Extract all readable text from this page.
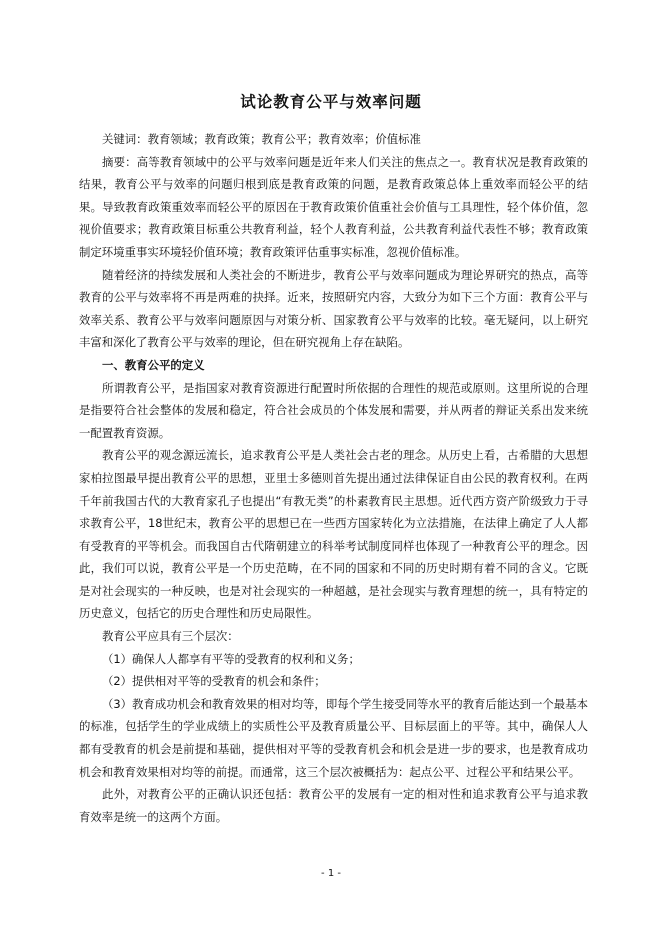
试论教育公平与效率问题

关键词：教育领域；教育政策；教育公平；教育效率；价值标准

摘要：高等教育领域中的公平与效率问题是近年来人们关注的焦点之一。教育状况是教育政策的结果，教育公平与效率的问题归根到底是教育政策的问题，是教育政策总体上重效率而轻公平的结果。导致教育政策重效率而轻公平的原因在于教育政策价值重社会价值与工具理性，轻个体价值，忽视价值要求；教育政策目标重公共教育利益，轻个人教育利益，公共教育利益代表性不够；教育政策制定环境重事实环境轻价值环境；教育政策评估重事实标准，忽视价值标准。

随着经济的持续发展和人类社会的不断进步，教育公平与效率问题成为理论界研究的热点，高等教育的公平与效率将不再是两难的抉择。近来，按照研究内容，大致分为如下三个方面：教育公平与效率关系、教育公平与效率问题原因与对策分析、国家教育公平与效率的比较。毫无疑问，以上研究丰富和深化了教育公平与效率的理论，但在研究视角上存在缺陷。

一、教育公平的定义

所谓教育公平，是指国家对教育资源进行配置时所依据的合理性的规范或原则。这里所说的合理是指要符合社会整体的发展和稳定，符合社会成员的个体发展和需要，并从两者的辩证关系出发来统一配置教育资源。

教育公平的观念源远流长，追求教育公平是人类社会古老的理念。从历史上看，古希腊的大思想家柏拉图最早提出教育公平的思想，亚里士多德则首先提出通过法律保证自由公民的教育权利。在两千年前我国古代的大教育家孔子也提出“有教无类”的朴素教育民主思想。近代西方资产阶级致力于寻求教育公平，18世纪末，教育公平的思想已在一些西方国家转化为立法措施，在法律上确定了人人都有受教育的平等机会。而我国自古代隋朝建立的科举考试制度同样也体现了一种教育公平的理念。因此，我们可以说，教育公平是一个历史范畴，在不同的国家和不同的历史时期有着不同的含义。它既是对社会现实的一种反映，也是对社会现实的一种超越，是社会现实与教育理想的统一，具有特定的历史意义，包括它的历史合理性和历史局限性。

教育公平应具有三个层次：

（1）确保人人都享有平等的受教育的权利和义务；

（2）提供相对平等的受教育的机会和条件；

（3）教育成功机会和教育效果的相对均等，即每个学生接受同等水平的教育后能达到一个最基本的标准，包括学生的学业成绩上的实质性公平及教育质量公平、目标层面上的平等。其中，确保人人都有受教育的机会是前提和基础，提供相对平等的受教育机会和机会是进一步的要求，也是教育成功机会和教育效果相对均等的前提。而通常，这三个层次被概括为：起点公平、过程公平和结果公平。

此外，对教育公平的正确认识还包括：教育公平的发展有一定的相对性和追求教育公平与追求教育效率是统一的这两个方面。

- 1 -
